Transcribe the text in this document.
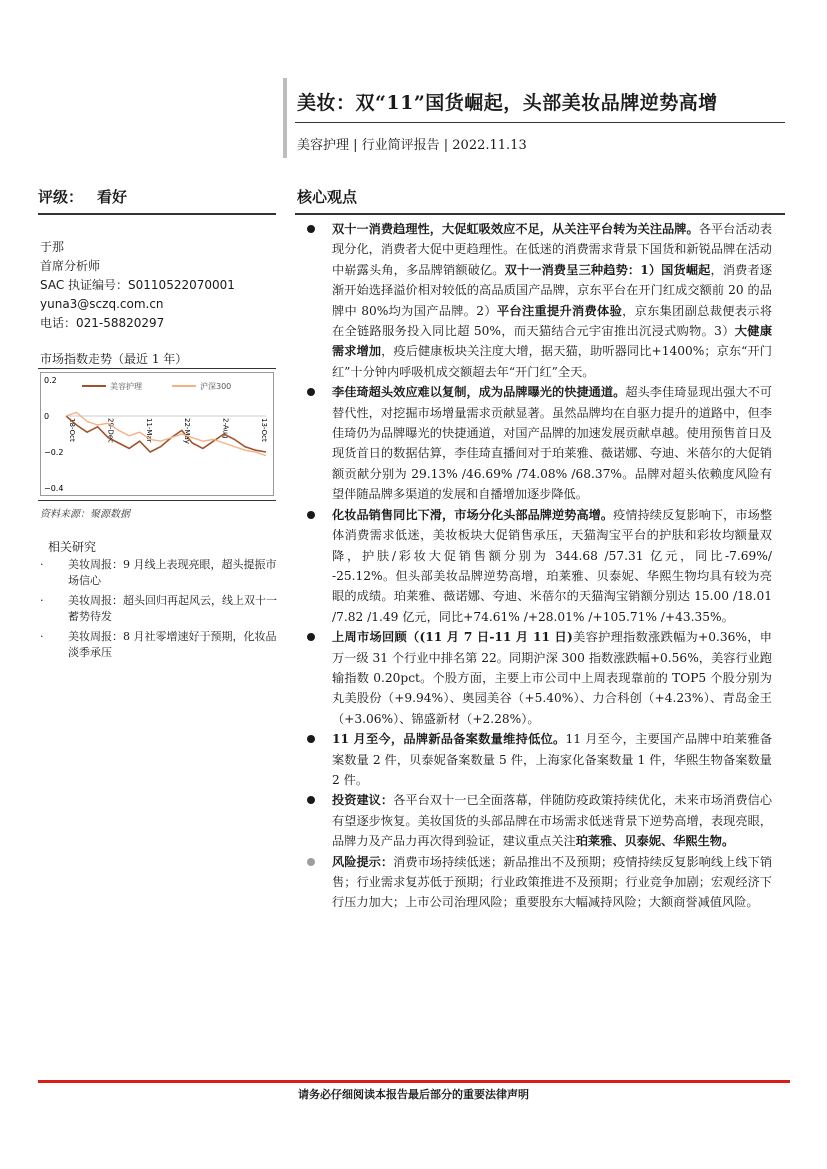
美妆：双“11”国货崛起，头部美妆品牌逆势高增
美容护理 | 行业简评报告 | 2022.11.13
评级： 看好
于那
首席分析师
SAC 执证编号：S0110522070001
yuna3@sczq.com.cn
电话：021-58820297
市场指数走势（最近 1 年）
0.2
0
−0.2
−0.4
18-Oct	29-Dec	11-Mar	22-May	2-Aug	13-Oct
美容护理	沪深300
资料来源：聚源数据
相关研究
· 美妆周报：9 月线上表现亮眼，超头提振市场信心
· 美妆周报：超头回归再起风云，线上双十一蓄势待发
· 美妆周报：8 月社零增速好于预期，化妆品淡季承压
核心观点
双十一消费趋理性，大促虹吸效应不足，从关注平台转为关注品牌。各平台活动表现分化，消费者大促中更趋理性。在低迷的消费需求背景下国货和新锐品牌在活动中崭露头角，多品牌销额破亿。双十一消费呈三种趋势：1）国货崛起，消费者逐渐开始选择溢价相对较低的高品质国产品牌，京东平台在开门红成交额前 20 的品牌中 80%均为国产品牌。2）平台注重提升消费体验，京东集团副总裁便表示将在全链路服务投入同比超 50%，而天猫结合元宇宙推出沉浸式购物。3）大健康需求增加，疫后健康板块关注度大增，据天猫，助听器同比+1400%；京东“开门红”十分钟内呼吸机成交额超去年“开门红”全天。
李佳琦超头效应难以复制，成为品牌曝光的快捷通道。超头李佳琦显现出强大不可替代性，对挖掘市场增量需求贡献显著。虽然品牌均在自驱力提升的道路中，但李佳琦仍为品牌曝光的快捷通道，对国产品牌的加速发展贡献卓越。使用预售首日及现货首日的数据估算，李佳琦直播间对于珀莱雅、薇诺娜、夸迪、米蓓尔的大促销额贡献分别为 29.13% /46.69% /74.08% /68.37%。品牌对超头依赖度风险有望伴随品牌多渠道的发展和自播增加逐步降低。
化妆品销售同比下滑，市场分化头部品牌逆势高增。疫情持续反复影响下，市场整体消费需求低迷，美妆板块大促销售承压，天猫淘宝平台的护肤和彩妆均额量双降，护肤/彩妆大促销售额分别为 344.68 /57.31 亿元，同比-7.69%/ -25.12%。但头部美妆品牌逆势高增，珀莱雅、贝泰妮、华熙生物均具有较为亮眼的成绩。珀莱雅、薇诺娜、夸迪、米蓓尔的天猫淘宝销额分别达 15.00 /18.01 /7.82 /1.49 亿元，同比+74.61% /+28.01% /+105.71% /+43.35%。
上周市场回顾（(11 月 7 日-11 月 11 日)美容护理指数涨跌幅为+0.36%，申万一级 31 个行业中排名第 22。同期沪深 300 指数涨跌幅+0.56%，美容行业跑输指数 0.20pct。个股方面，主要上市公司中上周表现靠前的 TOP5 个股分别为丸美股份（+9.94%）、奥园美谷（+5.40%）、力合科创（+4.23%）、青岛金王（+3.06%）、锦盛新材（+2.28%）。
11 月至今，品牌新品备案数量维持低位。11 月至今，主要国产品牌中珀莱雅备案数量 2 件，贝泰妮备案数量 5 件，上海家化备案数量 1 件，华熙生物备案数量 2 件。
投资建议：各平台双十一已全面落幕，伴随防疫政策持续优化，未来市场消费信心有望逐步恢复。美妆国货的头部品牌在市场需求低迷背景下逆势高增，表现亮眼，品牌力及产品力再次得到验证，建议重点关注珀莱雅、贝泰妮、华熙生物。
风险提示：消费市场持续低迷；新品推出不及预期；疫情持续反复影响线上线下销售；行业需求复苏低于预期；行业政策推进不及预期；行业竞争加剧；宏观经济下行压力加大；上市公司治理风险；重要股东大幅减持风险；大额商誉减值风险。
请务必仔细阅读本报告最后部分的重要法律声明
